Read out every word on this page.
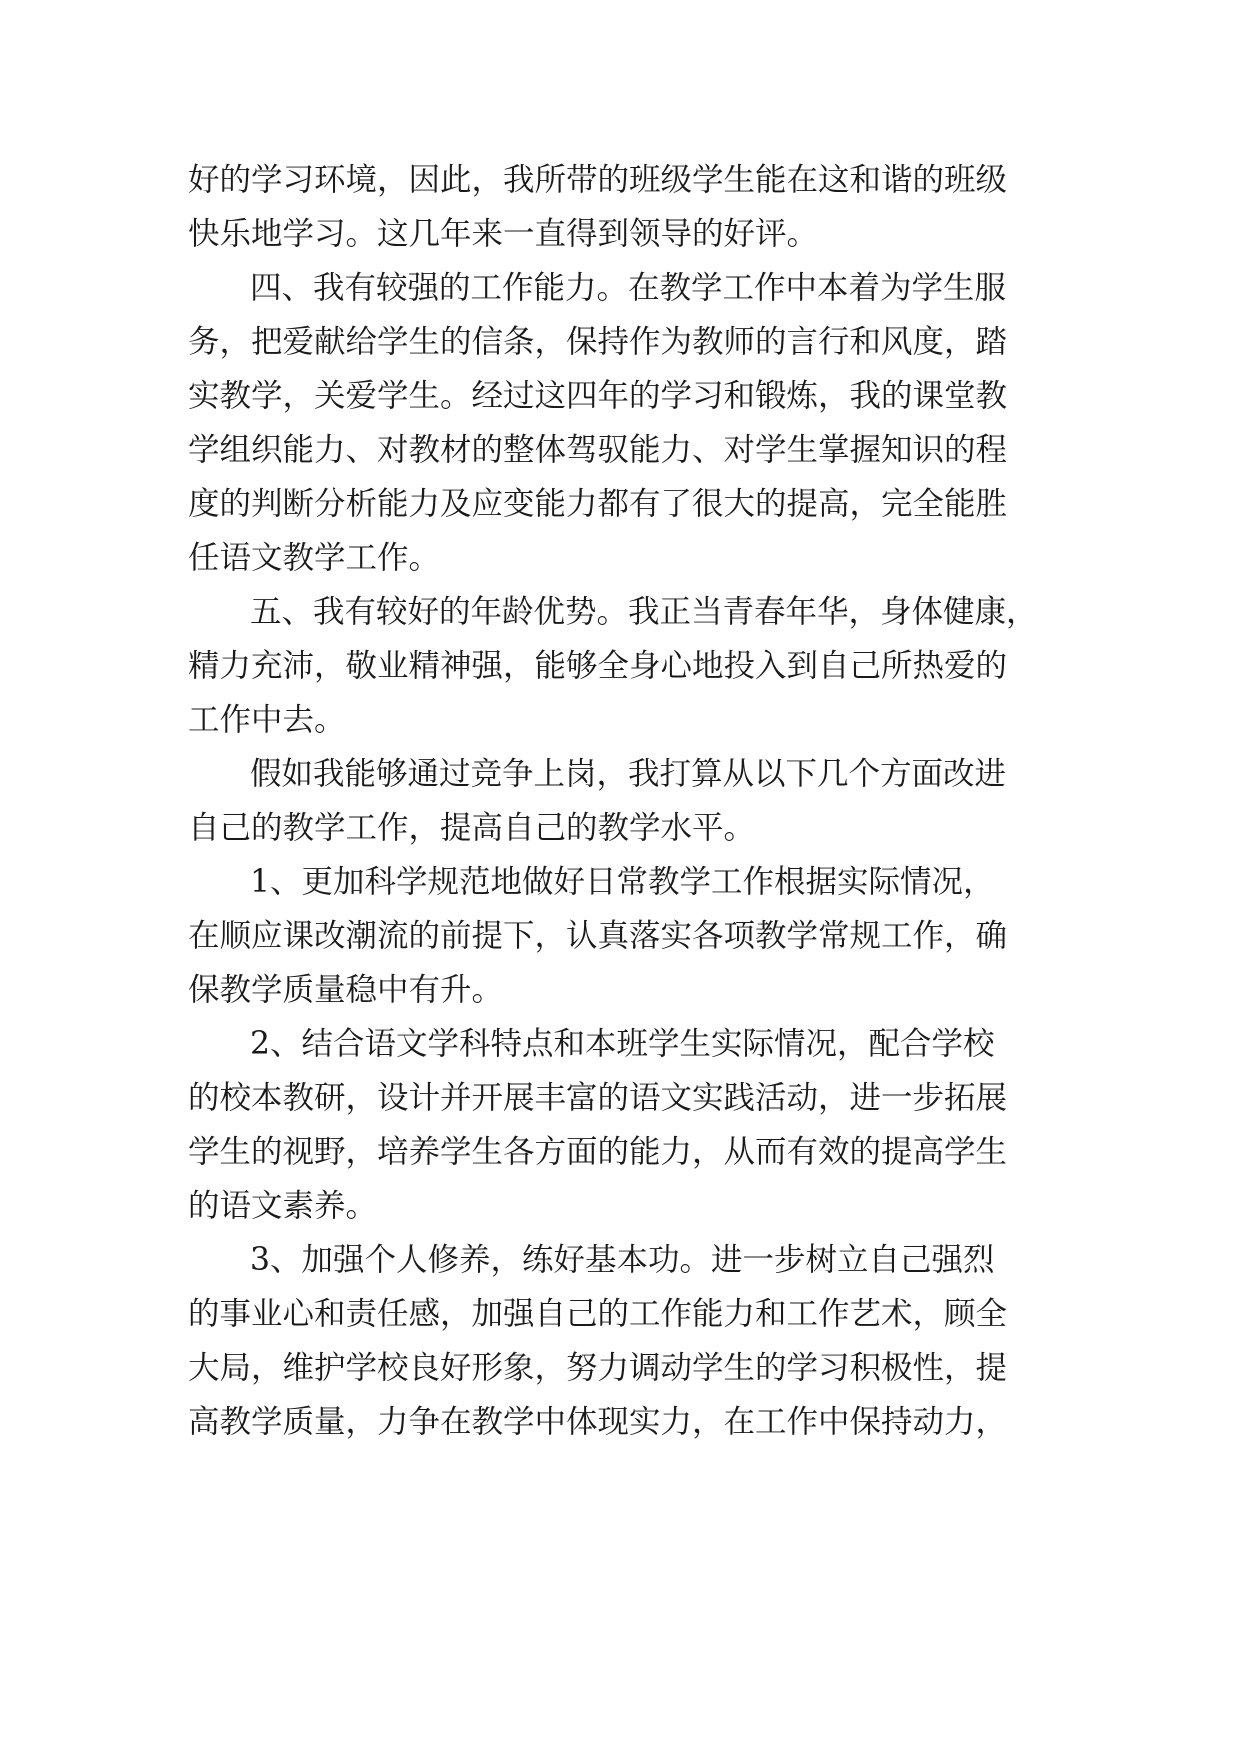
好的学习环境，因此，我所带的班级学生能在这和谐的班级
快乐地学习。这几年来一直得到领导的好评。
四、我有较强的工作能力。在教学工作中本着为学生服
务，把爱献给学生的信条，保持作为教师的言行和风度，踏
实教学，关爱学生。经过这四年的学习和锻炼，我的课堂教
学组织能力、对教材的整体驾驭能力、对学生掌握知识的程
度的判断分析能力及应变能力都有了很大的提高，完全能胜
任语文教学工作。
五、我有较好的年龄优势。我正当青春年华，身体健康，
精力充沛，敬业精神强，能够全身心地投入到自己所热爱的
工作中去。
假如我能够通过竞争上岗，我打算从以下几个方面改进
自己的教学工作，提高自己的教学水平。
1、更加科学规范地做好日常教学工作根据实际情况，
在顺应课改潮流的前提下，认真落实各项教学常规工作，确
保教学质量稳中有升。
2、结合语文学科特点和本班学生实际情况，配合学校
的校本教研，设计并开展丰富的语文实践活动，进一步拓展
学生的视野，培养学生各方面的能力，从而有效的提高学生
的语文素养。
3、加强个人修养，练好基本功。进一步树立自己强烈
的事业心和责任感，加强自己的工作能力和工作艺术，顾全
大局，维护学校良好形象，努力调动学生的学习积极性，提
高教学质量，力争在教学中体现实力，在工作中保持动力，
